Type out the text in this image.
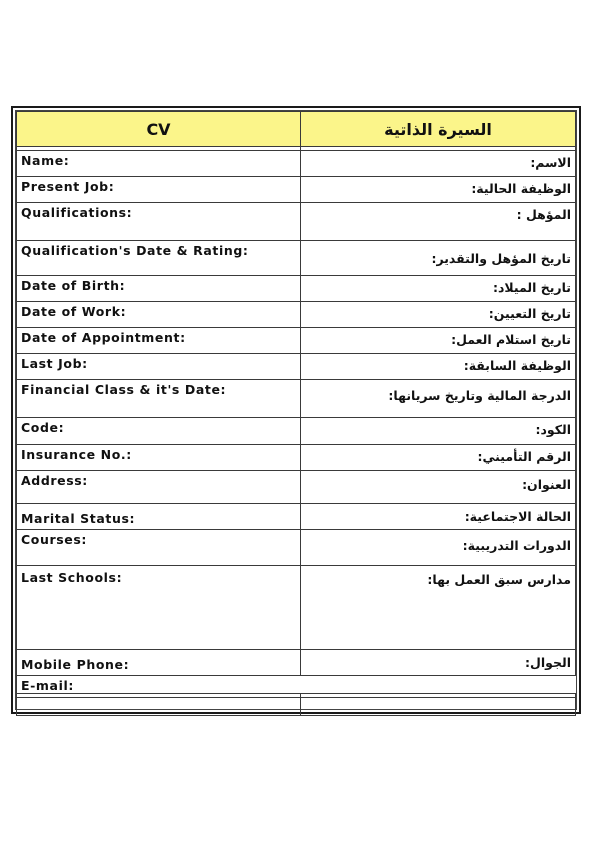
CV	السيرة الذاتية

Name:	الاسم:
Present Job:	الوظيفة الحالية:
Qualifications:	المؤهل :
Qualification's Date & Rating:	تاريخ المؤهل والتقدير:
Date of Birth:	تاريخ الميلاد:
Date of Work:	تاريخ التعيين:
Date of Appointment:	تاريخ استلام العمل:
Last Job:	الوظيفة السابقة:
Financial Class & it's Date:	الدرجة المالية وتاريخ سريانها:
Code:	الكود:
Insurance No.:	الرقم التأميني:
Address:	العنوان:
Marital Status:	الحالة الاجتماعية:
Courses:	الدورات التدريبية:
Last Schools:	مدارس سبق العمل بها:
Mobile Phone:	الجوال:
E-mail:	
